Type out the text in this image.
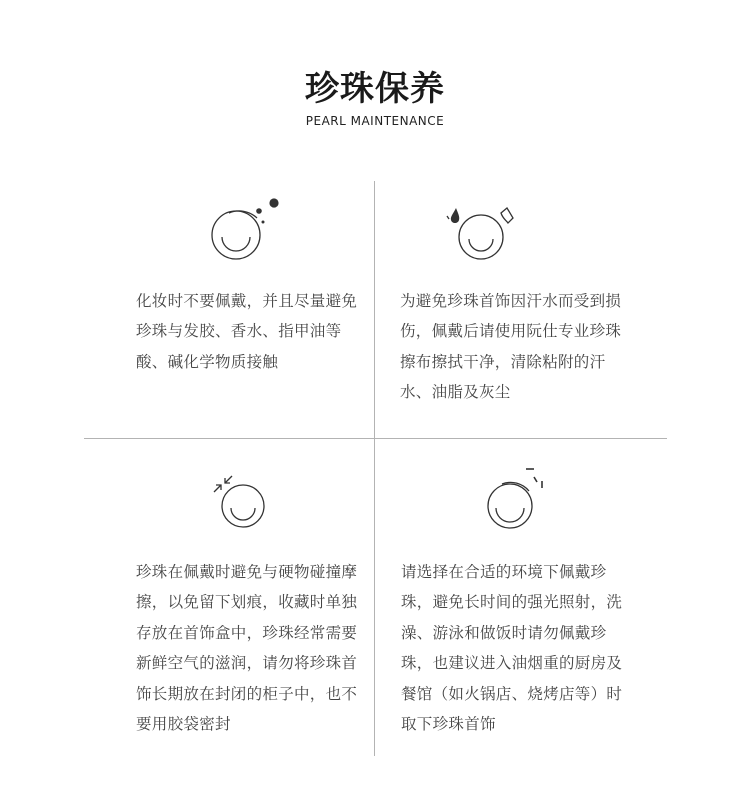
珍珠保养
PEARL MAINTENANCE
化妆时不要佩戴，并且尽量避免珍珠与发胶、香水、指甲油等酸、碱化学物质接触
为避免珍珠首饰因汗水而受到损伤，佩戴后请使用阮仕专业珍珠擦布擦拭干净，清除粘附的汗水、油脂及灰尘
珍珠在佩戴时避免与硬物碰撞摩擦，以免留下划痕，收藏时单独存放在首饰盒中，珍珠经常需要新鲜空气的滋润，请勿将珍珠首饰长期放在封闭的柜子中，也不要用胶袋密封
请选择在合适的环境下佩戴珍珠，避免长时间的强光照射，洗澡、游泳和做饭时请勿佩戴珍珠，也建议进入油烟重的厨房及餐馆（如火锅店、烧烤店等）时取下珍珠首饰
